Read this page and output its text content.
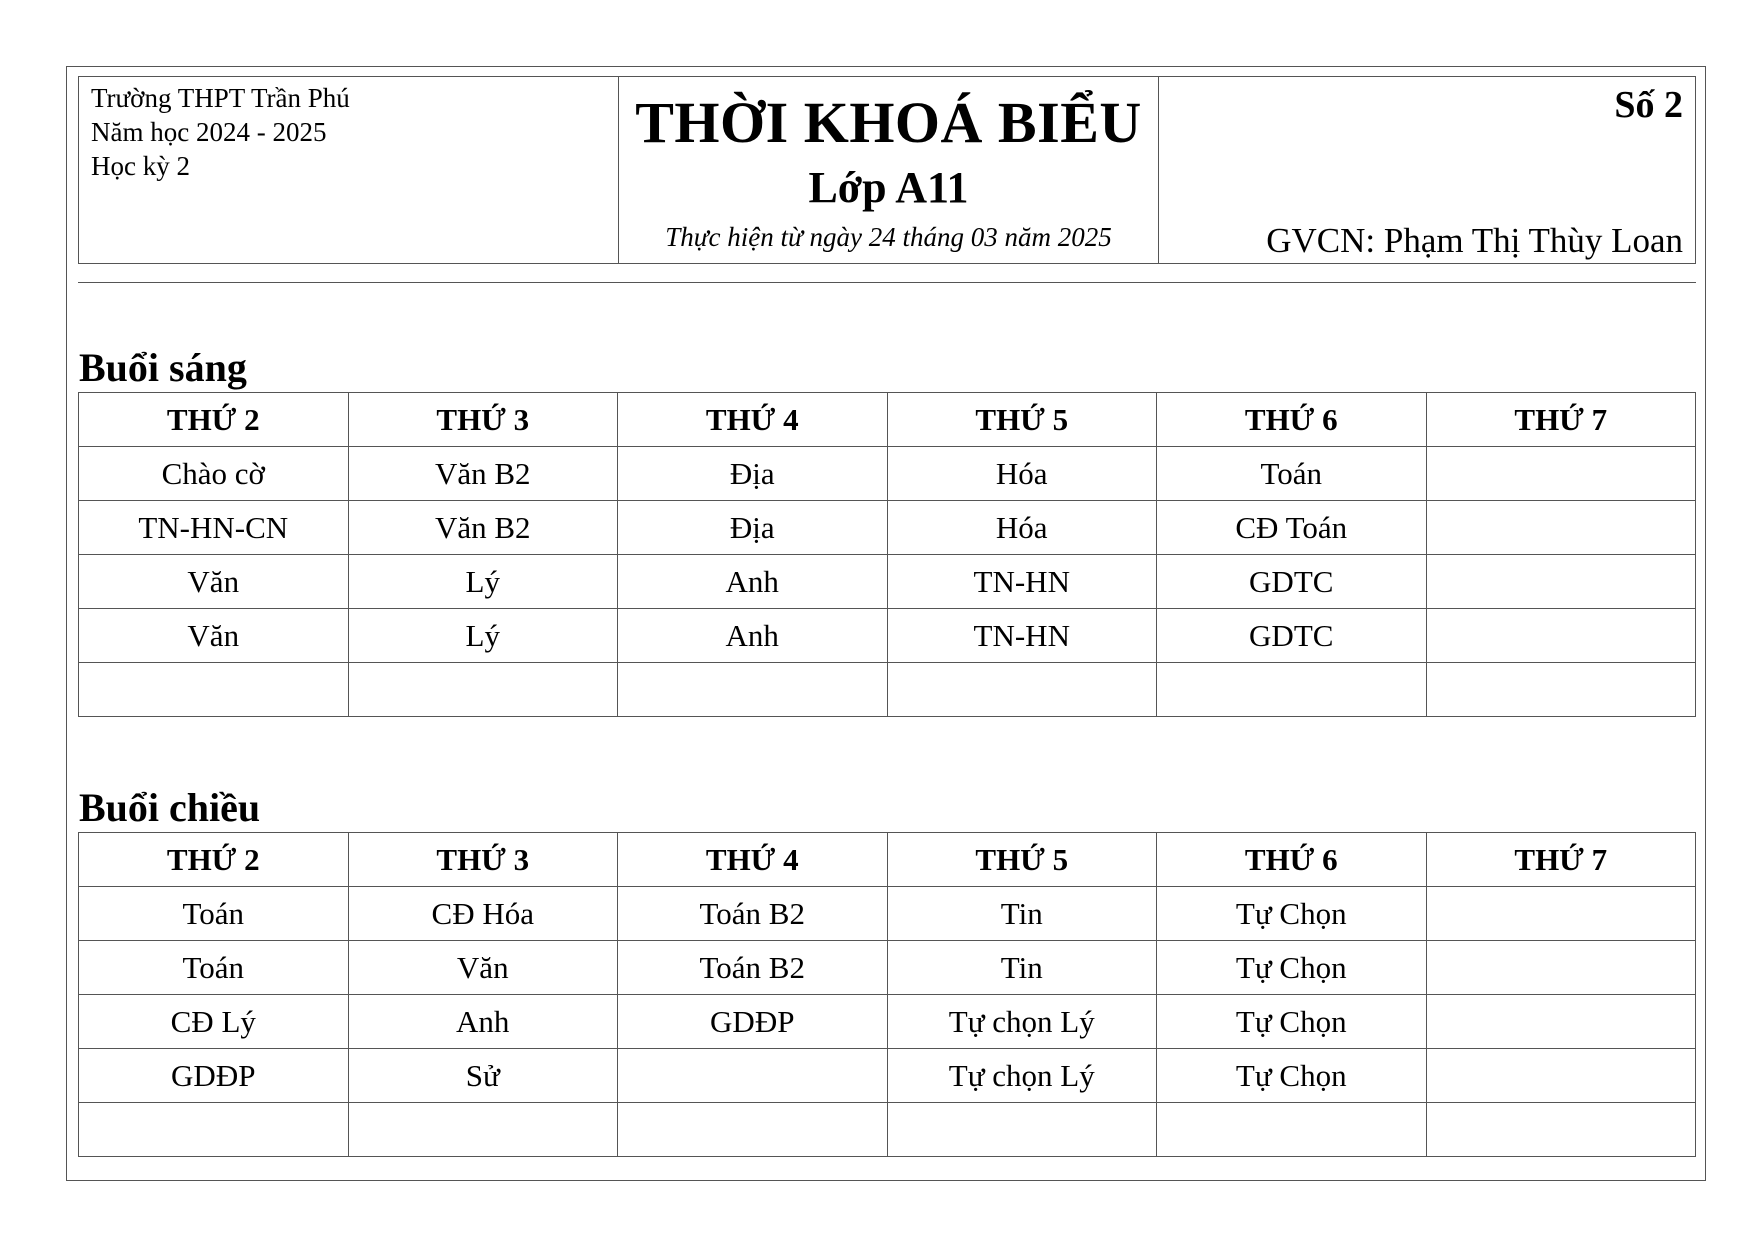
Trường THPT Trần Phú
Năm học 2024 - 2025
Học kỳ 2
THỜI KHOÁ BIỂU
Lớp A11
Thực hiện từ ngày 24 tháng 03 năm 2025
Số 2
GVCN: Phạm Thị Thùy Loan
Buổi sáng
THỨ 2	THỨ 3	THỨ 4	THỨ 5	THỨ 6	THỨ 7
Chào cờ	Văn B2	Địa	Hóa	Toán	
TN-HN-CN	Văn B2	Địa	Hóa	CĐ Toán	
Văn	Lý	Anh	TN-HN	GDTC	
Văn	Lý	Anh	TN-HN	GDTC	

Buổi chiều
THỨ 2	THỨ 3	THỨ 4	THỨ 5	THỨ 6	THỨ 7
Toán	CĐ Hóa	Toán B2	Tin	Tự Chọn	
Toán	Văn	Toán B2	Tin	Tự Chọn	
CĐ Lý	Anh	GDĐP	Tự chọn Lý	Tự Chọn	
GDĐP	Sử		Tự chọn Lý	Tự Chọn	
